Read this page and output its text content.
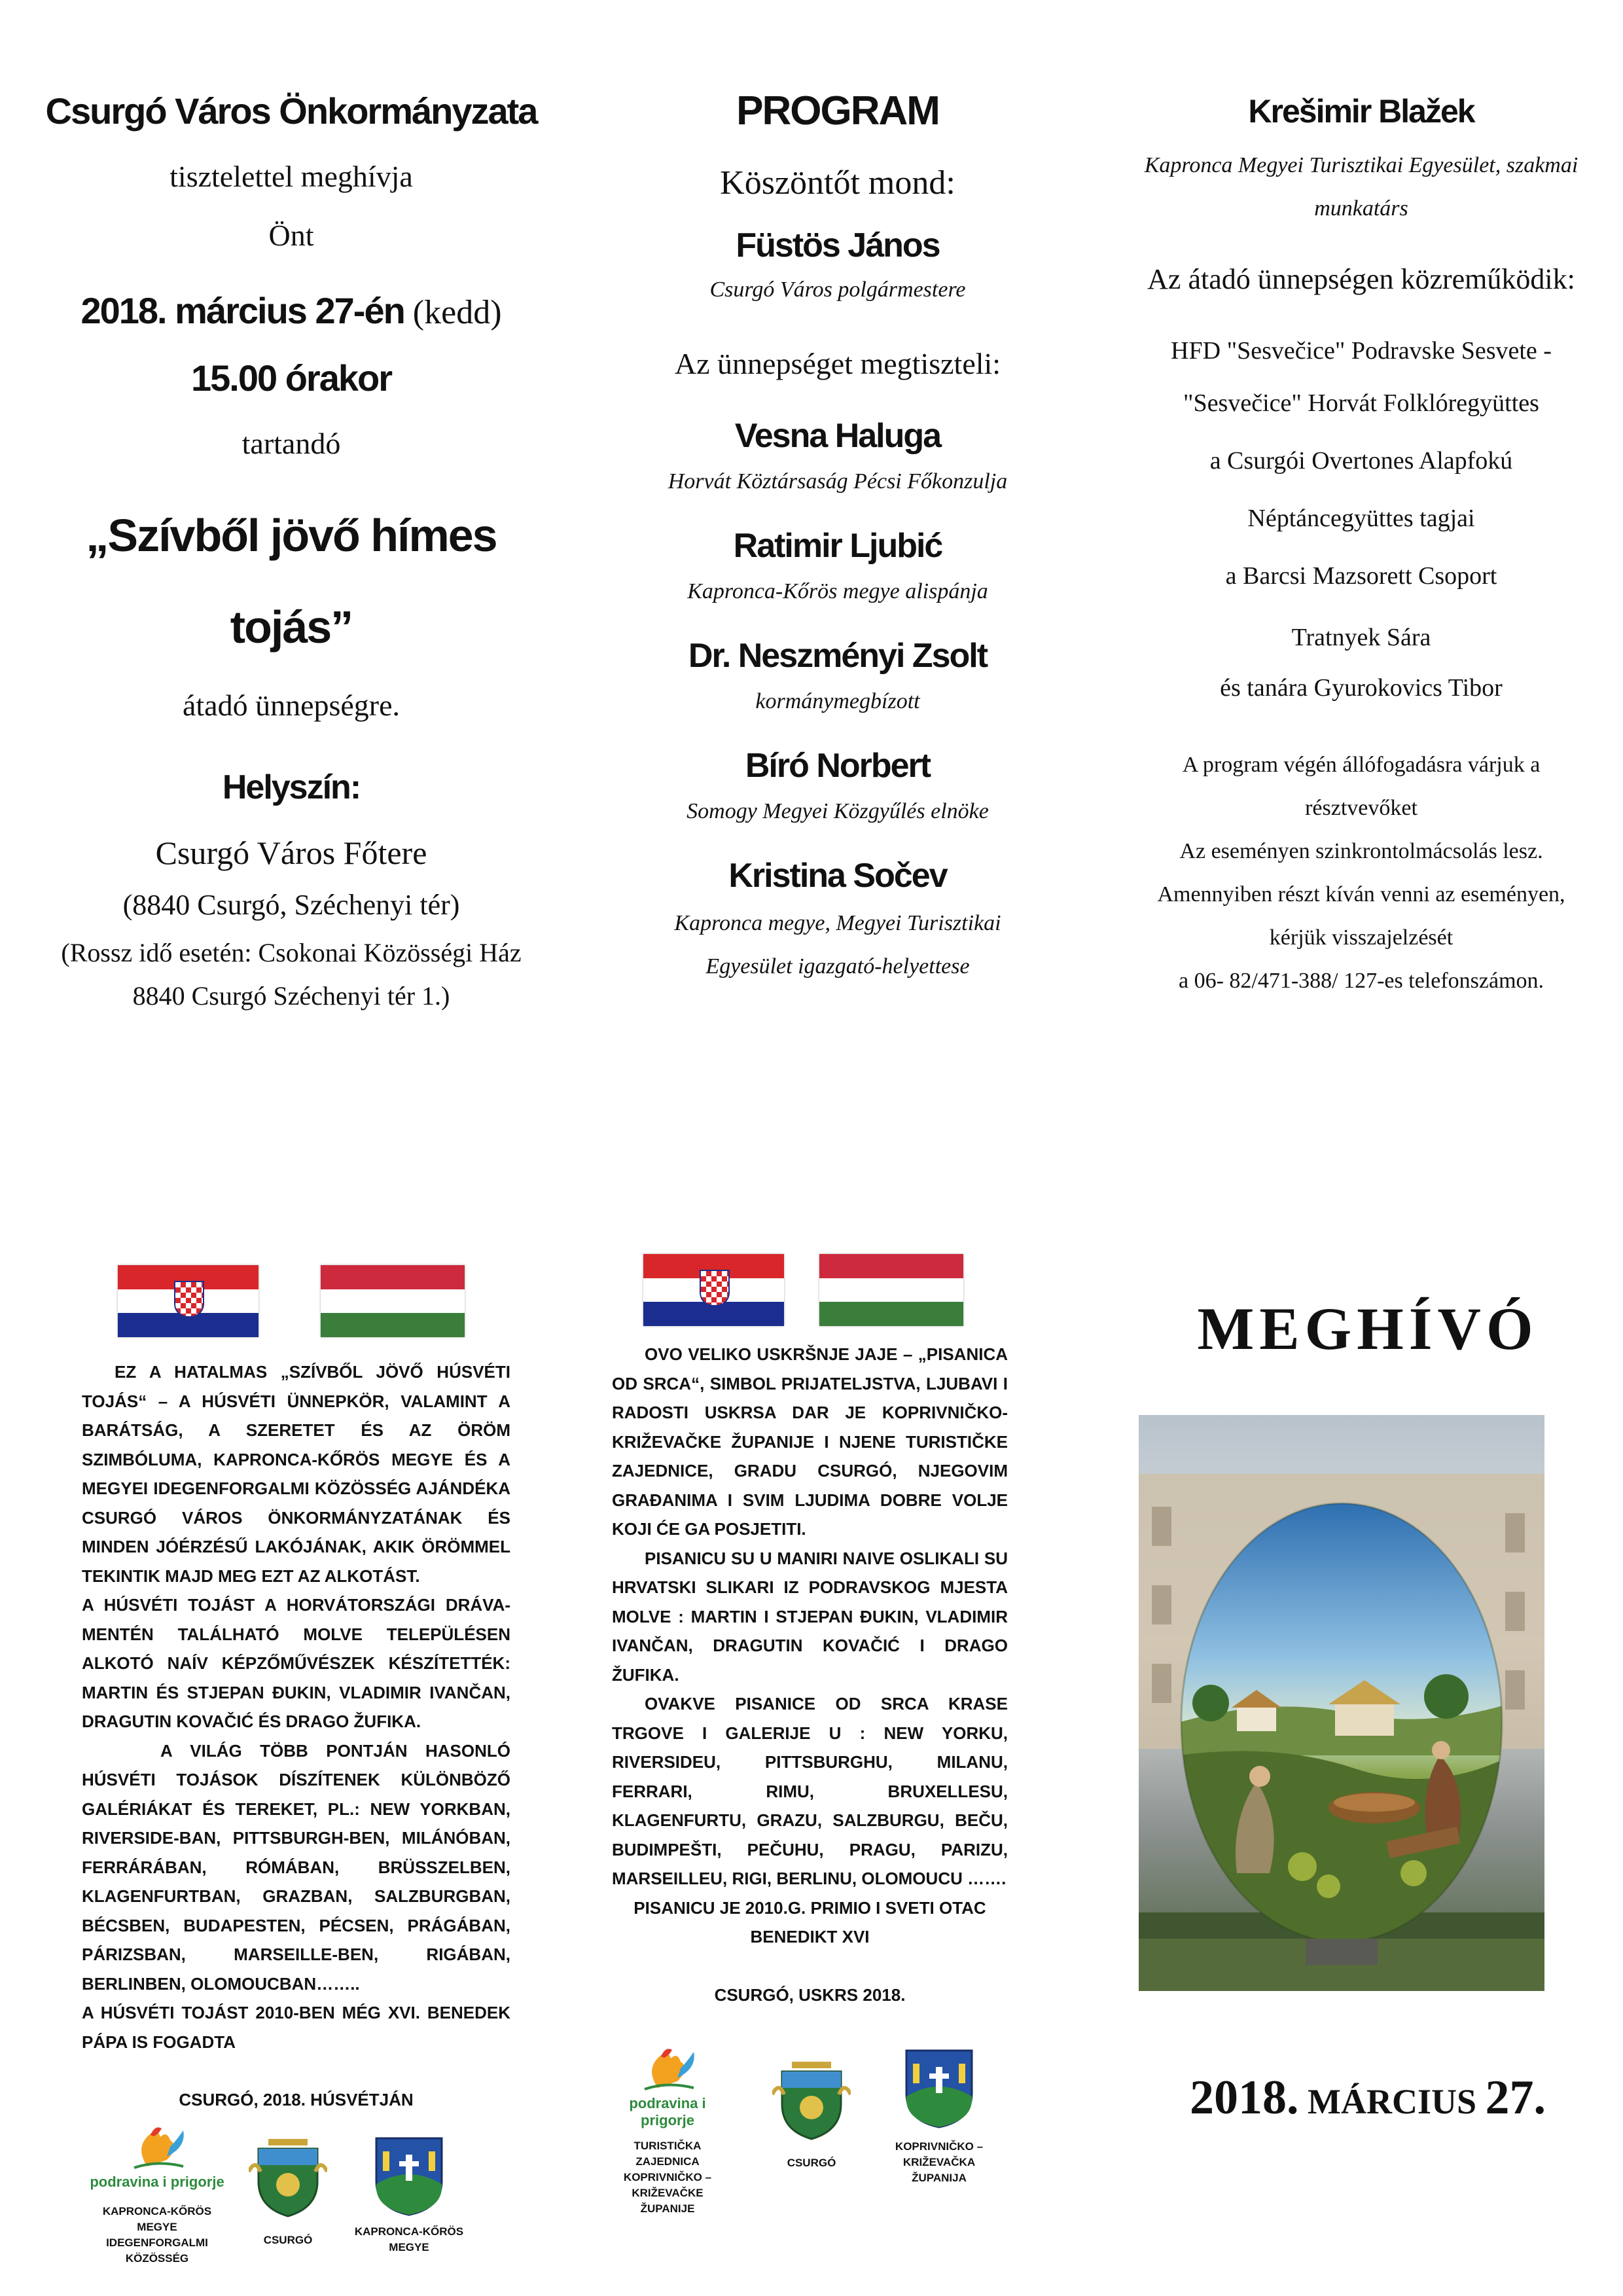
Csurgó Város Önkormányzata
tisztelettel meghívja
Önt
2018. március 27-én (kedd)
15.00 órakor
tartandó
„Szívből jövő hímes
tojás”
átadó ünnepségre.
Helyszín:
Csurgó Város Főtere
(8840 Csurgó, Széchenyi tér)
(Rossz idő esetén: Csokonai Közösségi Ház
8840 Csurgó Széchenyi tér 1.)
PROGRAM
Köszöntőt mond:
Füstös János
Csurgó Város polgármestere
Az ünnepséget megtiszteli:
Vesna Haluga
Horvát Köztársaság Pécsi Főkonzulja
Ratimir Ljubić
Kapronca-Kőrös megye alispánja
Dr. Neszményi Zsolt
kormánymegbízott
Bíró Norbert
Somogy Megyei Közgyűlés elnöke
Kristina Sočev
Kapronca megye, Megyei Turisztikai
Egyesület igazgató-helyettese
Krešimir Blažek
Kapronca Megyei Turisztikai Egyesület, szakmai
munkatárs
Az átadó ünnepségen közreműködik:
HFD "Sesvečice" Podravske Sesvete -
"Sesvečice" Horvát Folklóregyüttes
a Csurgói Overtones Alapfokú
Néptáncegyüttes tagjai
a Barcsi Mazsorett Csoport
Tratnyek Sára
és tanára Gyurokovics Tibor
A program végén állófogadásra várjuk a
résztvevőket
Az eseményen szinkrontolmácsolás lesz.
Amennyiben részt kíván venni az eseményen,
kérjük visszajelzését
a 06- 82/471-388/ 127-es telefonszámon.

EZ A HATALMAS „SZÍVBŐL JÖVŐ HÚSVÉTI TOJÁS“ – A HÚSVÉTI ÜNNEPKÖR, VALAMINT A BARÁTSÁG, A SZERETET ÉS AZ ÖRÖM SZIMBÓLUMA, KAPRONCA-KŐRÖS MEGYE ÉS A MEGYEI IDEGENFORGALMI KÖZÖSSÉG AJÁNDÉKA CSURGÓ VÁROS ÖNKORMÁNYZATÁNAK ÉS MINDEN JÓÉRZÉSŰ LAKÓJÁNAK, AKIK ÖRÖMMEL TEKINTIK MAJD MEG EZT AZ ALKOTÁST.

A HÚSVÉTI TOJÁST A HORVÁTORSZÁGI DRÁVA-MENTÉN TALÁLHATÓ MOLVE TELEPÜLÉSEN ALKOTÓ NAÍV KÉPZŐMŰVÉSZEK KÉSZÍTETTÉK: MARTIN ÉS STJEPAN ĐUKIN, VLADIMIR IVANČAN, DRAGUTIN KOVAČIĆ ÉS DRAGO ŽUFIKA.

A VILÁG TÖBB PONTJÁN HASONLÓ HÚSVÉTI TOJÁSOK DÍSZÍTENEK KÜLÖNBÖZŐ GALÉRIÁKAT ÉS TEREKET, PL.: NEW YORKBAN, RIVERSIDE-BAN, PITTSBURGH-BEN, MILÁNÓBAN, FERRÁRÁBAN, RÓMÁBAN, BRÜSSZELBEN, KLAGENFURTBAN, GRAZBAN, SALZBURGBAN, BÉCSBEN, BUDAPESTEN, PÉCSEN, PRÁGÁBAN, PÁRIZSBAN, MARSEILLE-BEN, RIGÁBAN, BERLINBEN, OLOMOUCBAN……..

A HÚSVÉTI TOJÁST 2010-BEN MÉG XVI. BENEDEK PÁPA IS FOGADTA

CSURGÓ, 2018. HÚSVÉTJÁN

OVO VELIKO USKRŠNJE JAJE – „PISANICA OD SRCA“, SIMBOL PRIJATELJSTVA, LJUBAVI I RADOSTI USKRSA DAR JE KOPRIVNIČKO-KRIŽEVAČKE ŽUPANIJE I NJENE TURISTIČKE ZAJEDNICE, GRADU CSURGÓ, NJEGOVIM GRAĐANIMA I SVIM LJUDIMA DOBRE VOLJE KOJI ĆE GA POSJETITI.

PISANICU SU U MANIRI NAIVE OSLIKALI SU HRVATSKI SLIKARI IZ PODRAVSKOG MJESTA MOLVE : MARTIN I STJEPAN ĐUKIN, VLADIMIR IVANČAN, DRAGUTIN KOVAČIĆ I DRAGO ŽUFIKA.

OVAKVE PISANICE OD SRCA KRASE TRGOVE I GALERIJE U : NEW YORKU, RIVERSIDEU, PITTSBURGHU, MILANU, FERRARI, RIMU, BRUXELLESU, KLAGENFURTU, GRAZU, SALZBURGU, BEČU, BUDIMPEŠTI, PEČUHU, PRAGU, PARIZU, MARSEILLEU, RIGI, BERLINU, OLOMOUCU …….

PISANICU JE 2010.G. PRIMIO I SVETI OTAC BENEDIKT XVI

CSURGÓ, USKRS 2018.

MEGHÍVÓ
2018. MÁRCIUS 27.
podravina i prigorje
KAPRONCA-KŐRÖS MEGYE IDEGENFORGALMI KÖZÖSSÉG
CSURGÓ
KAPRONCA-KŐRÖS MEGYE
podravina i prigorje
TURISTIČKA ZAJEDNICA KOPRIVNIČKO – KRIŽEVAČKE ŽUPANIJE
CSURGÓ
KOPRIVNIČKO – KRIŽEVAČKA ŽUPANIJA
